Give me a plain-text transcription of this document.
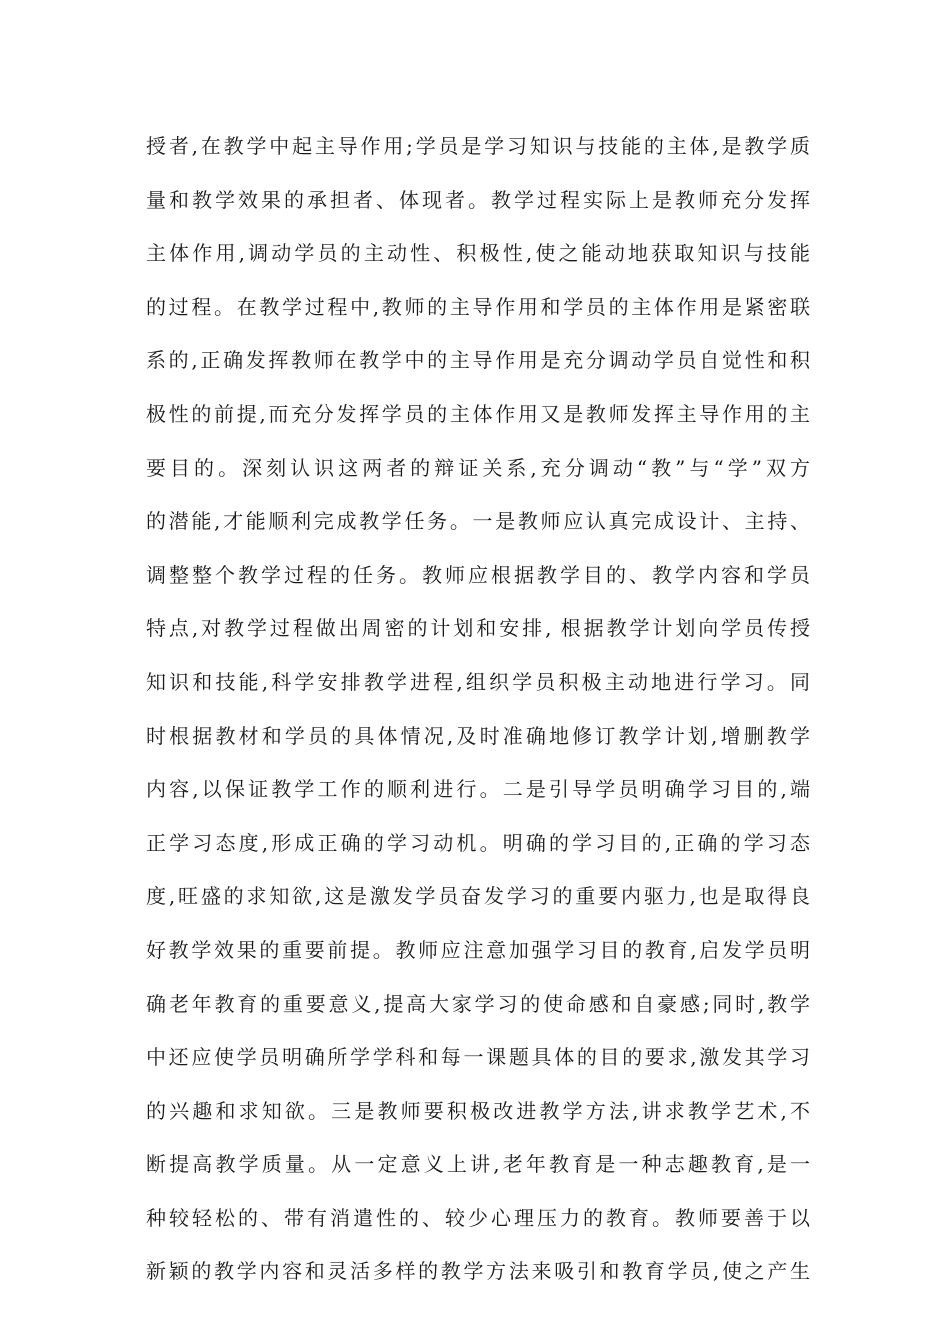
授者,在教学中起主导作用;学员是学习知识与技能的主体,是教学质
量和教学效果的承担者、体现者。教学过程实际上是教师充分发挥
主体作用,调动学员的主动性、积极性,使之能动地获取知识与技能
的过程。在教学过程中,教师的主导作用和学员的主体作用是紧密联
系的,正确发挥教师在教学中的主导作用是充分调动学员自觉性和积
极性的前提,而充分发挥学员的主体作用又是教师发挥主导作用的主
要目的。深刻认识这两者的辩证关系,充分调动“教”与“学”双方
的潜能,才能顺利完成教学任务。一是教师应认真完成设计、主持、
调整整个教学过程的任务。教师应根据教学目的、教学内容和学员
特点,对教学过程做出周密的计划和安排, 根据教学计划向学员传授
知识和技能,科学安排教学进程,组织学员积极主动地进行学习。同
时根据教材和学员的具体情况,及时准确地修订教学计划,增删教学
内容,以保证教学工作的顺利进行。二是引导学员明确学习目的,端
正学习态度,形成正确的学习动机。明确的学习目的,正确的学习态
度,旺盛的求知欲,这是激发学员奋发学习的重要内驱力,也是取得良
好教学效果的重要前提。教师应注意加强学习目的教育,启发学员明
确老年教育的重要意义,提高大家学习的使命感和自豪感;同时,教学
中还应使学员明确所学学科和每一课题具体的目的要求,激发其学习
的兴趣和求知欲。三是教师要积极改进教学方法,讲求教学艺术,不
断提高教学质量。从一定意义上讲,老年教育是一种志趣教育,是一
种较轻松的、带有消遣性的、较少心理压力的教育。教师要善于以
新颖的教学内容和灵活多样的教学方法来吸引和教育学员,使之产生
